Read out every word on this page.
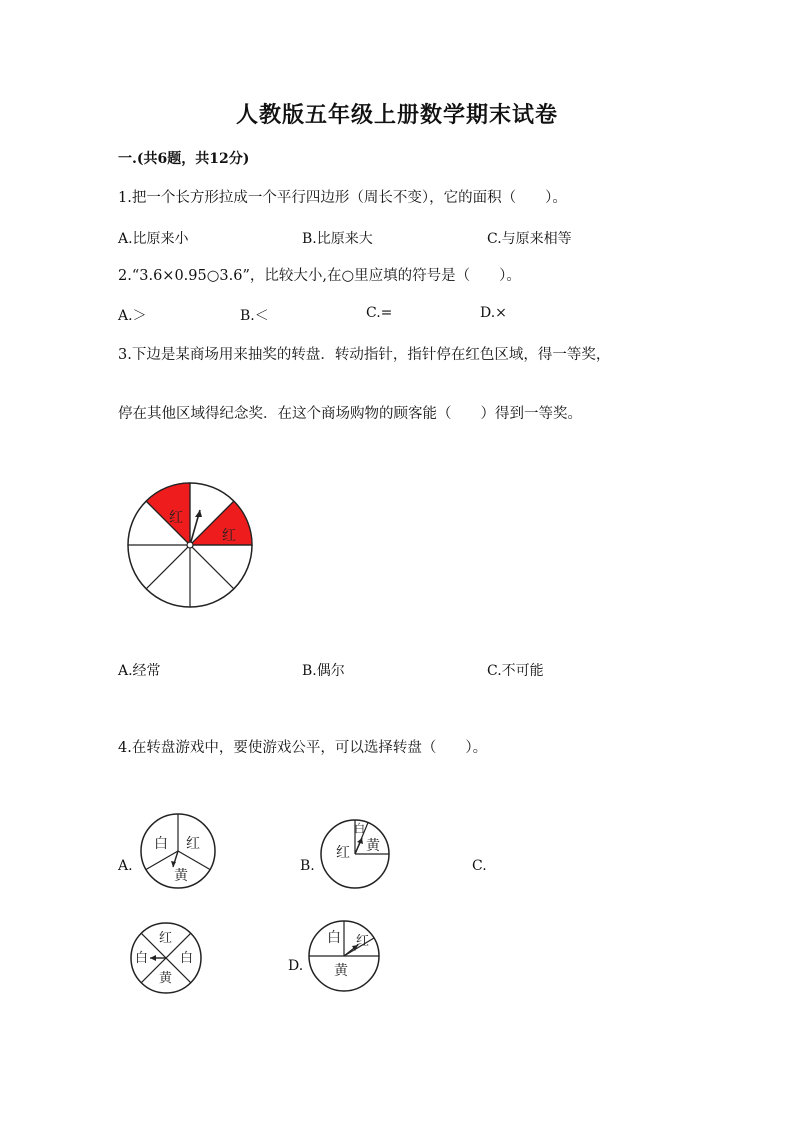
人教版五年级上册数学期末试卷
一.(共6题，共12分)
1.把一个长方形拉成一个平行四边形（周长不变），它的面积（　　）。
A.比原来小	B.比原来大	C.与原来相等
2.“3.6×0.95○3.6”，比较大小,在○里应填的符号是（　　）。
A.＞	B.＜	C.=	D.×
3.下边是某商场用来抽奖的转盘．转动指针，指针停在红色区域，得一等奖，
停在其他区域得纪念奖．在这个商场购物的顾客能（　　）得到一等奖。
红
红
A.经常	B.偶尔	C.不可能
4.在转盘游戏中，要使游戏公平，可以选择转盘（　　）。
A.
白 红
黄
B.
白
红 黄
C.
红
白 白
黄
D.
白 红
黄
